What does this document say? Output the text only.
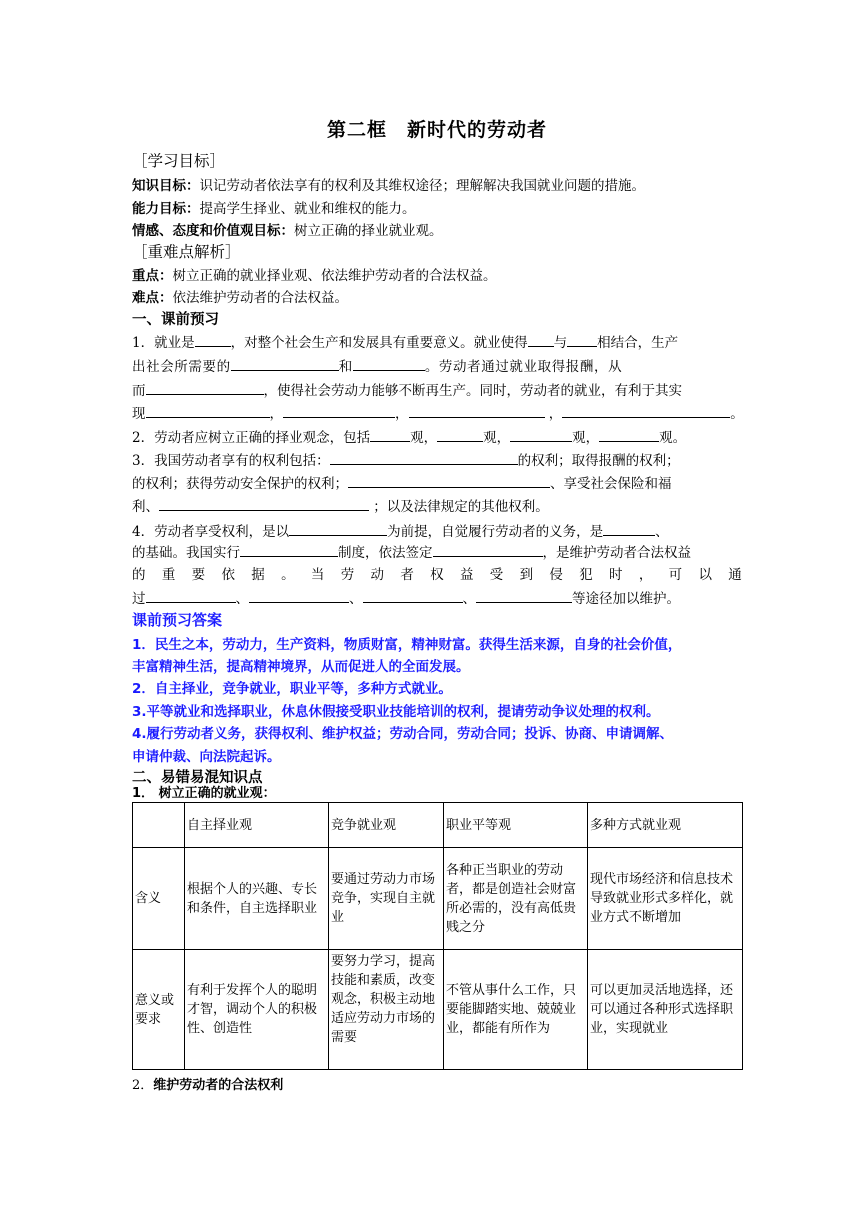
第二框　新时代的劳动者
［学习目标］
知识目标：识记劳动者依法享有的权利及其维权途径；理解解决我国就业问题的措施。
能力目标：提高学生择业、就业和维权的能力。
情感、态度和价值观目标：树立正确的择业就业观。
［重难点解析］
重点：树立正确的就业择业观、依法维护劳动者的合法权益。
难点：依法维护劳动者的合法权益。
一、课前预习
1．就业是	，对整个社会生产和发展具有重要意义。就业使得 与 相结合，生产
出社会所需要的	和	。劳动者通过就业取得报酬，从
而	，使得社会劳动力能够不断再生产。同时，劳动者的就业，有利于其实
现	，	，	，	。
2．劳动者应树立正确的择业观念，包括	观，	观，	观，	观。
3．我国劳动者享有的权利包括：	的权利；取得报酬的权利；
的权利；获得劳动安全保护的权利；	、享受社会保险和福
利、	；以及法律规定的其他权利。
4．劳动者享受权利，是以	为前提，自觉履行劳动者的义务，是	、
的基础。我国实行	制度，依法签定	，是维护劳动者合法权益
的 重 要 依 据 。 当 劳 动 者 权 益 受 到 侵 犯 时 ， 可 以 通
过	、	、	、	等途径加以维护。
课前预习答案
1．民生之本，劳动力，生产资料，物质财富，精神财富。获得生活来源，自身的社会价值，
丰富精神生活，提高精神境界，从而促进人的全面发展。
2．自主择业，竞争就业，职业平等，多种方式就业。
3.平等就业和选择职业，休息休假接受职业技能培训的权利，提请劳动争议处理的权利。
4.履行劳动者义务，获得权利、维护权益；劳动合同，劳动合同；投诉、协商、申请调解、
申请仲裁、向法院起诉。
二、易错易混知识点
1． 树立正确的就业观：
	自主择业观	竞争就业观	职业平等观	多种方式就业观
含义	根据个人的兴趣、专长和条件，自主选择职业	要通过劳动力市场竞争，实现自主就业	各种正当职业的劳动者，都是创造社会财富所必需的，没有高低贵贱之分	现代市场经济和信息技术导致就业形式多样化，就业方式不断增加
意义或要求	有利于发挥个人的聪明才智，调动个人的积极性、创造性	要努力学习，提高技能和素质，改变观念，积极主动地适应劳动力市场的需要	不管从事什么工作，只要能脚踏实地、兢兢业业，都能有所作为	可以更加灵活地选择，还可以通过各种形式选择职业，实现就业
2．维护劳动者的合法权利
